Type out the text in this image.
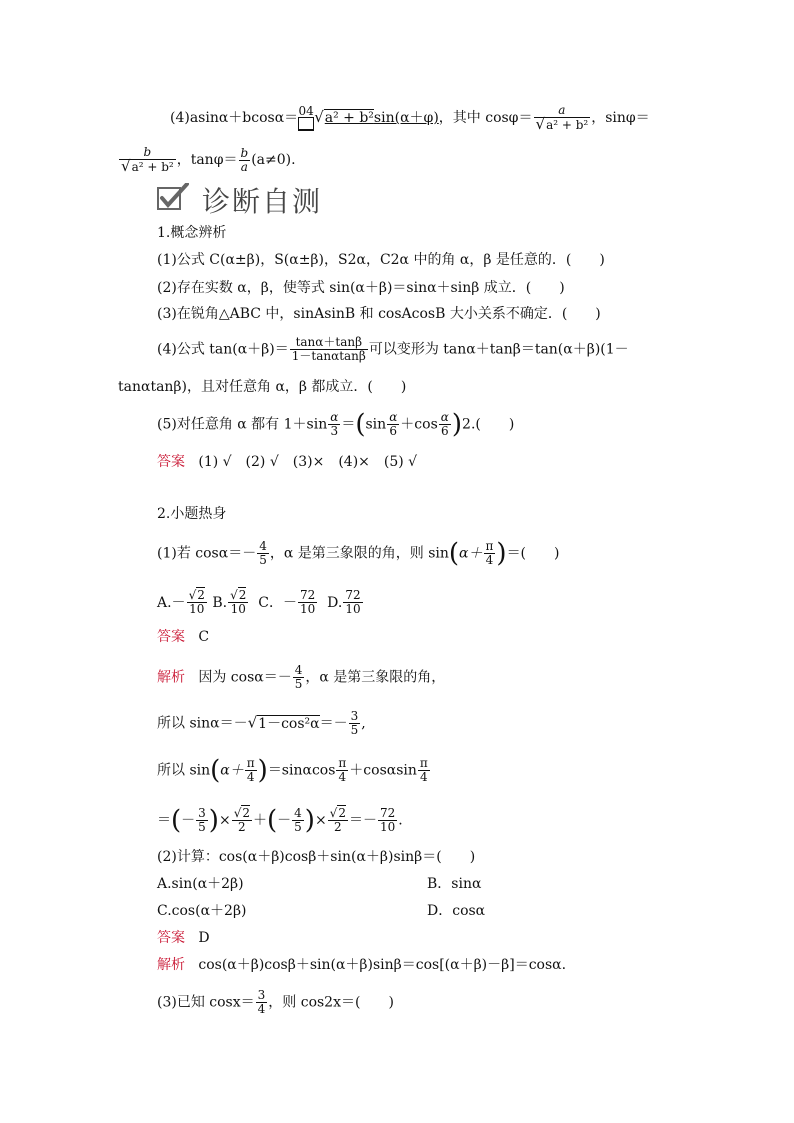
(4)asinα＋bcosα＝ 04 √a² + b²sin(α＋φ)，其中 $\cos\varphi= \frac{a}{\text{√a² + b²}}$ ，sinφ＝
$\frac{b}{\text{√a² + b²}}$ ，$\tan\varphi= \frac{b}{a} (a\ne 0)$.
诊断自测
1.概念辨析
(1)公式 C(α±β)，S(α±β)，S2α，C2α 中的角 α，β 是任意的．(　　)
(2)存在实数 α，β，使等式 sin(α＋β)＝sinα＋sinβ 成立．(　　)
(3)在锐角△ABC 中，sinAsinB 和 cosAcosB 大小关系不确定．(　　)
(4)公式 $\tan(\alpha+\beta)= \frac{\tan\alpha+\tan\beta}{1-\tan\alpha\tan\beta}$ 可以变形为 tanα＋tanβ＝tan(α＋β)(1－
tanαtanβ)，且对任意角 α，β 都成立．(　　)
(5)对任意角 α 都有 $1+\sin \frac{\alpha}{3} =(\sin \frac{\alpha}{6} +\cos \frac{\alpha}{6} )2$.(　　)
答案 (1) √　(2) √　(3)×　(4)×　(5) √
2.小题热身
(1)若 $\cos\alpha=- \frac{4}{5}$ ，α 是第三象限的角，则 $\sin(\alpha+ \frac{\pi}{4}$ )＝(　　)
$A.- \frac{√2}{10} B$. $\frac{√2}{10}$ C．－ $\frac{72}{10} D$. $\frac{72}{10}$
答案 C
解析 因为 $\cos\alpha=- \frac{4}{5}$ ，α 是第三象限的角，
所以 $\sin\alpha=-√1-\cos^2\alpha=- \frac{3}{5}$ ,
所以 $\sin(\alpha+ \frac{\pi}{4} )=\sin\alpha\cos \frac{\pi}{4} +\cos\alpha\sin \frac{\pi}{4}$
＝(－ $\frac{3}{5}$ )× $\frac{√2}{2}$ ＋(－ $\frac{4}{5}$ )× $\frac{√2}{2} =- \frac{72}{10}$ .
(2)计算：cos(α＋β)cosβ＋sin(α＋β)sinβ＝(　　)
A.sin(α＋2β)	B．sinα
C.cos(α＋2β)	D．cosα
答案 D
解析 cos(α＋β)cosβ＋sin(α＋β)sinβ＝cos[(α＋β)－β]＝cosα.
(3)已知 $\cos x= \frac{3}{4}$ ，则 cos2x＝(　　)
